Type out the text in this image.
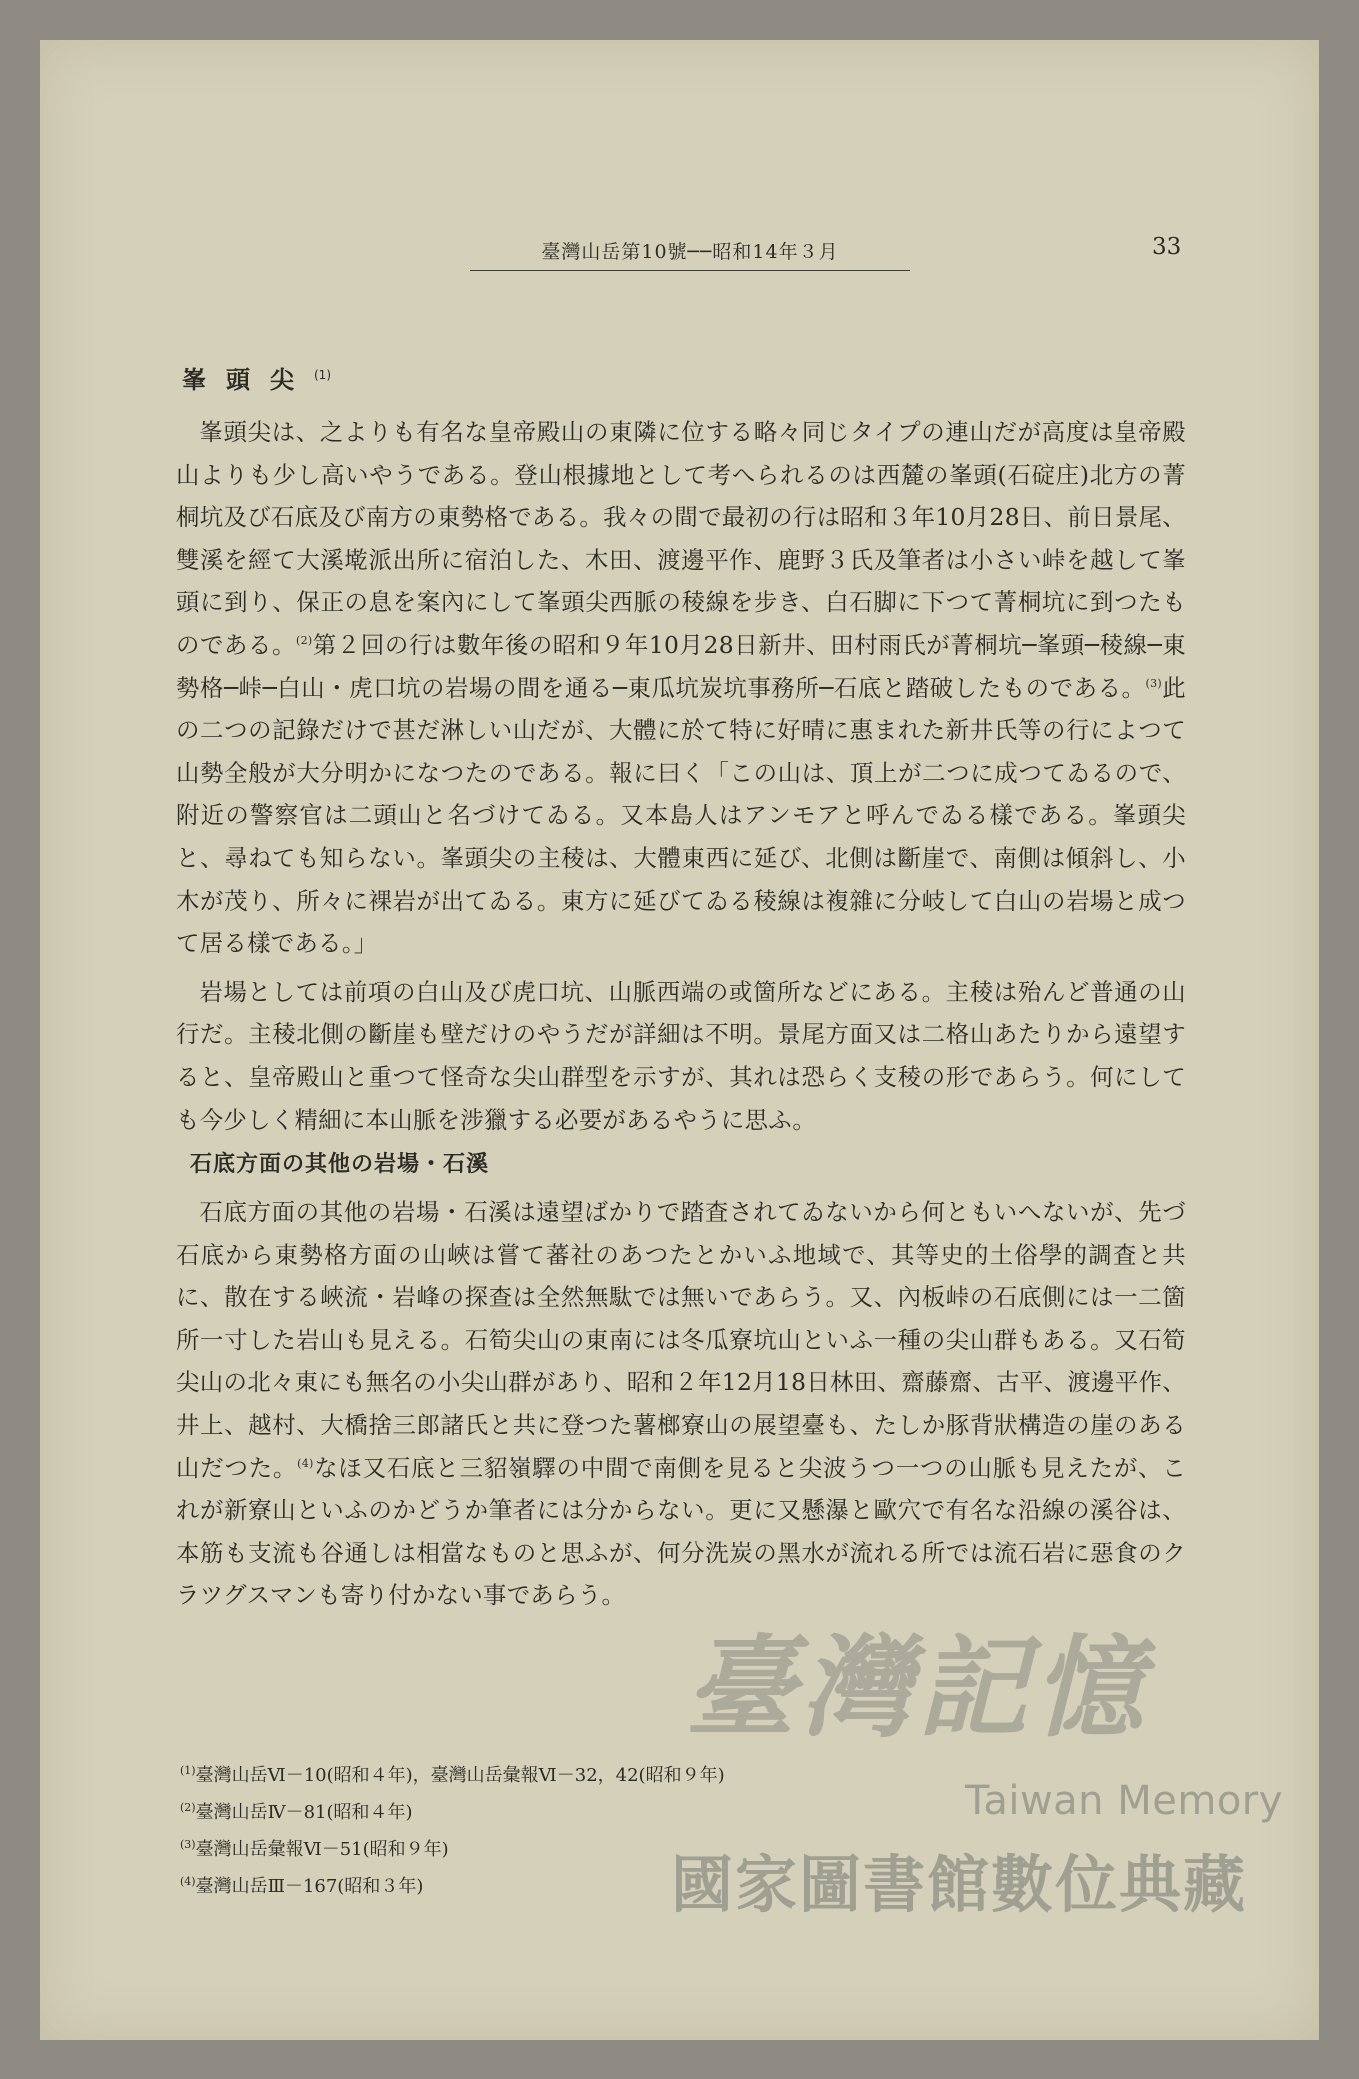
臺灣山岳第10號──昭和14年３月	33
峯頭尖$^{(1)}$

峯頭尖は、之よりも有名な皇帝殿山の東隣に位する略々同じタイプの連山だが高度は皇帝殿山よりも少し高いやうである。登山根據地として考へられるのは西麓の峯頭(石碇庄)北方の菁桐坑及び石底及び南方の東勢格である。我々の間で最初の行は昭和３年10月28日、前日景尾、雙溪を經て大溪墘派出所に宿泊した、木田、渡邊平作、鹿野３氏及筆者は小さい峠を越して峯頭に到り、保正の息を案內にして峯頭尖西脈の稜線を步き、白石脚に下つて菁桐坑に到つたものである。$^{(2)}$第２回の行は數年後の昭和９年10月28日新井、田村雨氏が菁桐坑─峯頭─稜線─東勢格─峠─白山・虎口坑の岩場の間を通る─東瓜坑炭坑事務所─石底と踏破したものである。$^{(3)}$此の二つの記錄だけで甚だ淋しい山だが、大體に於て特に好晴に惠まれた新井氏等の行によつて山勢全般が大分明かになつたのである。報に曰く「この山は、頂上が二つに成つてゐるので、附近の警察官は二頭山と名づけてゐる。又本島人はアンモアと呼んでゐる樣である。峯頭尖と、尋ねても知らない。峯頭尖の主稜は、大體東西に延び、北側は斷崖で、南側は傾斜し、小木が茂り、所々に裸岩が出てゐる。東方に延びてゐる稜線は複雜に分岐して白山の岩場と成つて居る樣である。」

岩場としては前項の白山及び虎口坑、山脈西端の或箇所などにある。主稜は殆んど普通の山行だ。主稜北側の斷崖も壁だけのやうだが詳細は不明。景尾方面又は二格山あたりから遠望すると、皇帝殿山と重つて怪奇な尖山群型を示すが、其れは恐らく支稜の形であらう。何にしても今少しく精細に本山脈を涉獵する必要があるやうに思ふ。

石底方面の其他の岩場・石溪

石底方面の其他の岩場・石溪は遠望ばかりで踏査されてゐないから何ともいへないが、先づ石底から東勢格方面の山峽は嘗て蕃社のあつたとかいふ地域で、其等史的土俗學的調査と共に、散在する峽流・岩峰の探查は全然無駄では無いであらう。又、內板峠の石底側には一二箇所一寸した岩山も見える。石筍尖山の東南には冬瓜寮坑山といふ一種の尖山群もある。又石筍尖山の北々東にも無名の小尖山群があり、昭和２年12月18日林田、齋藤齋、古平、渡邊平作、井上、越村、大橋捨三郎諸氏と共に登つた薯榔寮山の展望臺も、たしか豚背狀構造の崖のある山だつた。$^{(4)}$なほ又石底と三貂嶺驛の中間で南側を見ると尖波うつ一つの山脈も見えたが、これが新寮山といふのかどうか筆者には分からない。更に又懸瀑と歐穴で有名な沿線の溪谷は、本筋も支流も谷通しは相當なものと思ふが、何分洗炭の黑水が流れる所では流石岩に惡食のクラツグスマンも寄り付かない事であらう。

$^{(1)}$臺灣山岳Ⅵ－10(昭和４年)，臺灣山岳彙報Ⅵ－32，42(昭和９年)
$^{(2)}$臺灣山岳Ⅳ－81(昭和４年)
$^{(3)}$臺灣山岳彙報Ⅵ－51(昭和９年)
$^{(4)}$臺灣山岳Ⅲ－167(昭和３年)
臺灣記憶
Taiwan Memory
國家圖書館數位典藏
